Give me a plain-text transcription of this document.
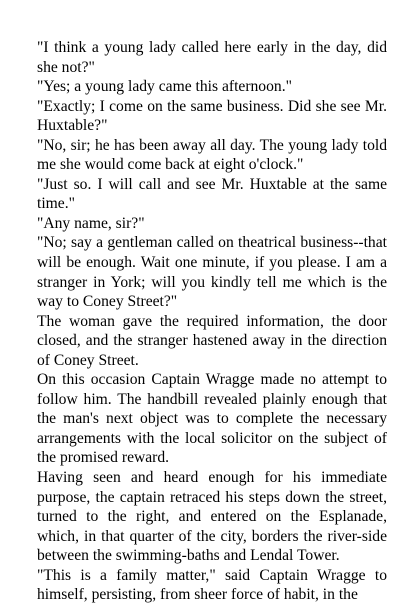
"I think a young lady called here early in the day, did she not?"

"Yes; a young lady came this afternoon."

"Exactly; I come on the same business. Did she see Mr. Huxtable?"

"No, sir; he has been away all day. The young lady told me she would come back at eight o'clock."

"Just so. I will call and see Mr. Huxtable at the same time."

"Any name, sir?"

"No; say a gentleman called on theatrical business--that will be enough. Wait one minute, if you please. I am a stranger in York; will you kindly tell me which is the way to Coney Street?"

The woman gave the required information, the door closed, and the stranger hastened away in the direction of Coney Street.

On this occasion Captain Wragge made no attempt to follow him. The handbill revealed plainly enough that the man's next object was to complete the necessary arrangements with the local solicitor on the subject of the promised reward.

Having seen and heard enough for his immediate purpose, the captain retraced his steps down the street, turned to the right, and entered on the Esplanade, which, in that quarter of the city, borders the river-side between the swimming-baths and Lendal Tower.

"This is a family matter," said Captain Wragge to himself, persisting, from sheer force of habit, in the
